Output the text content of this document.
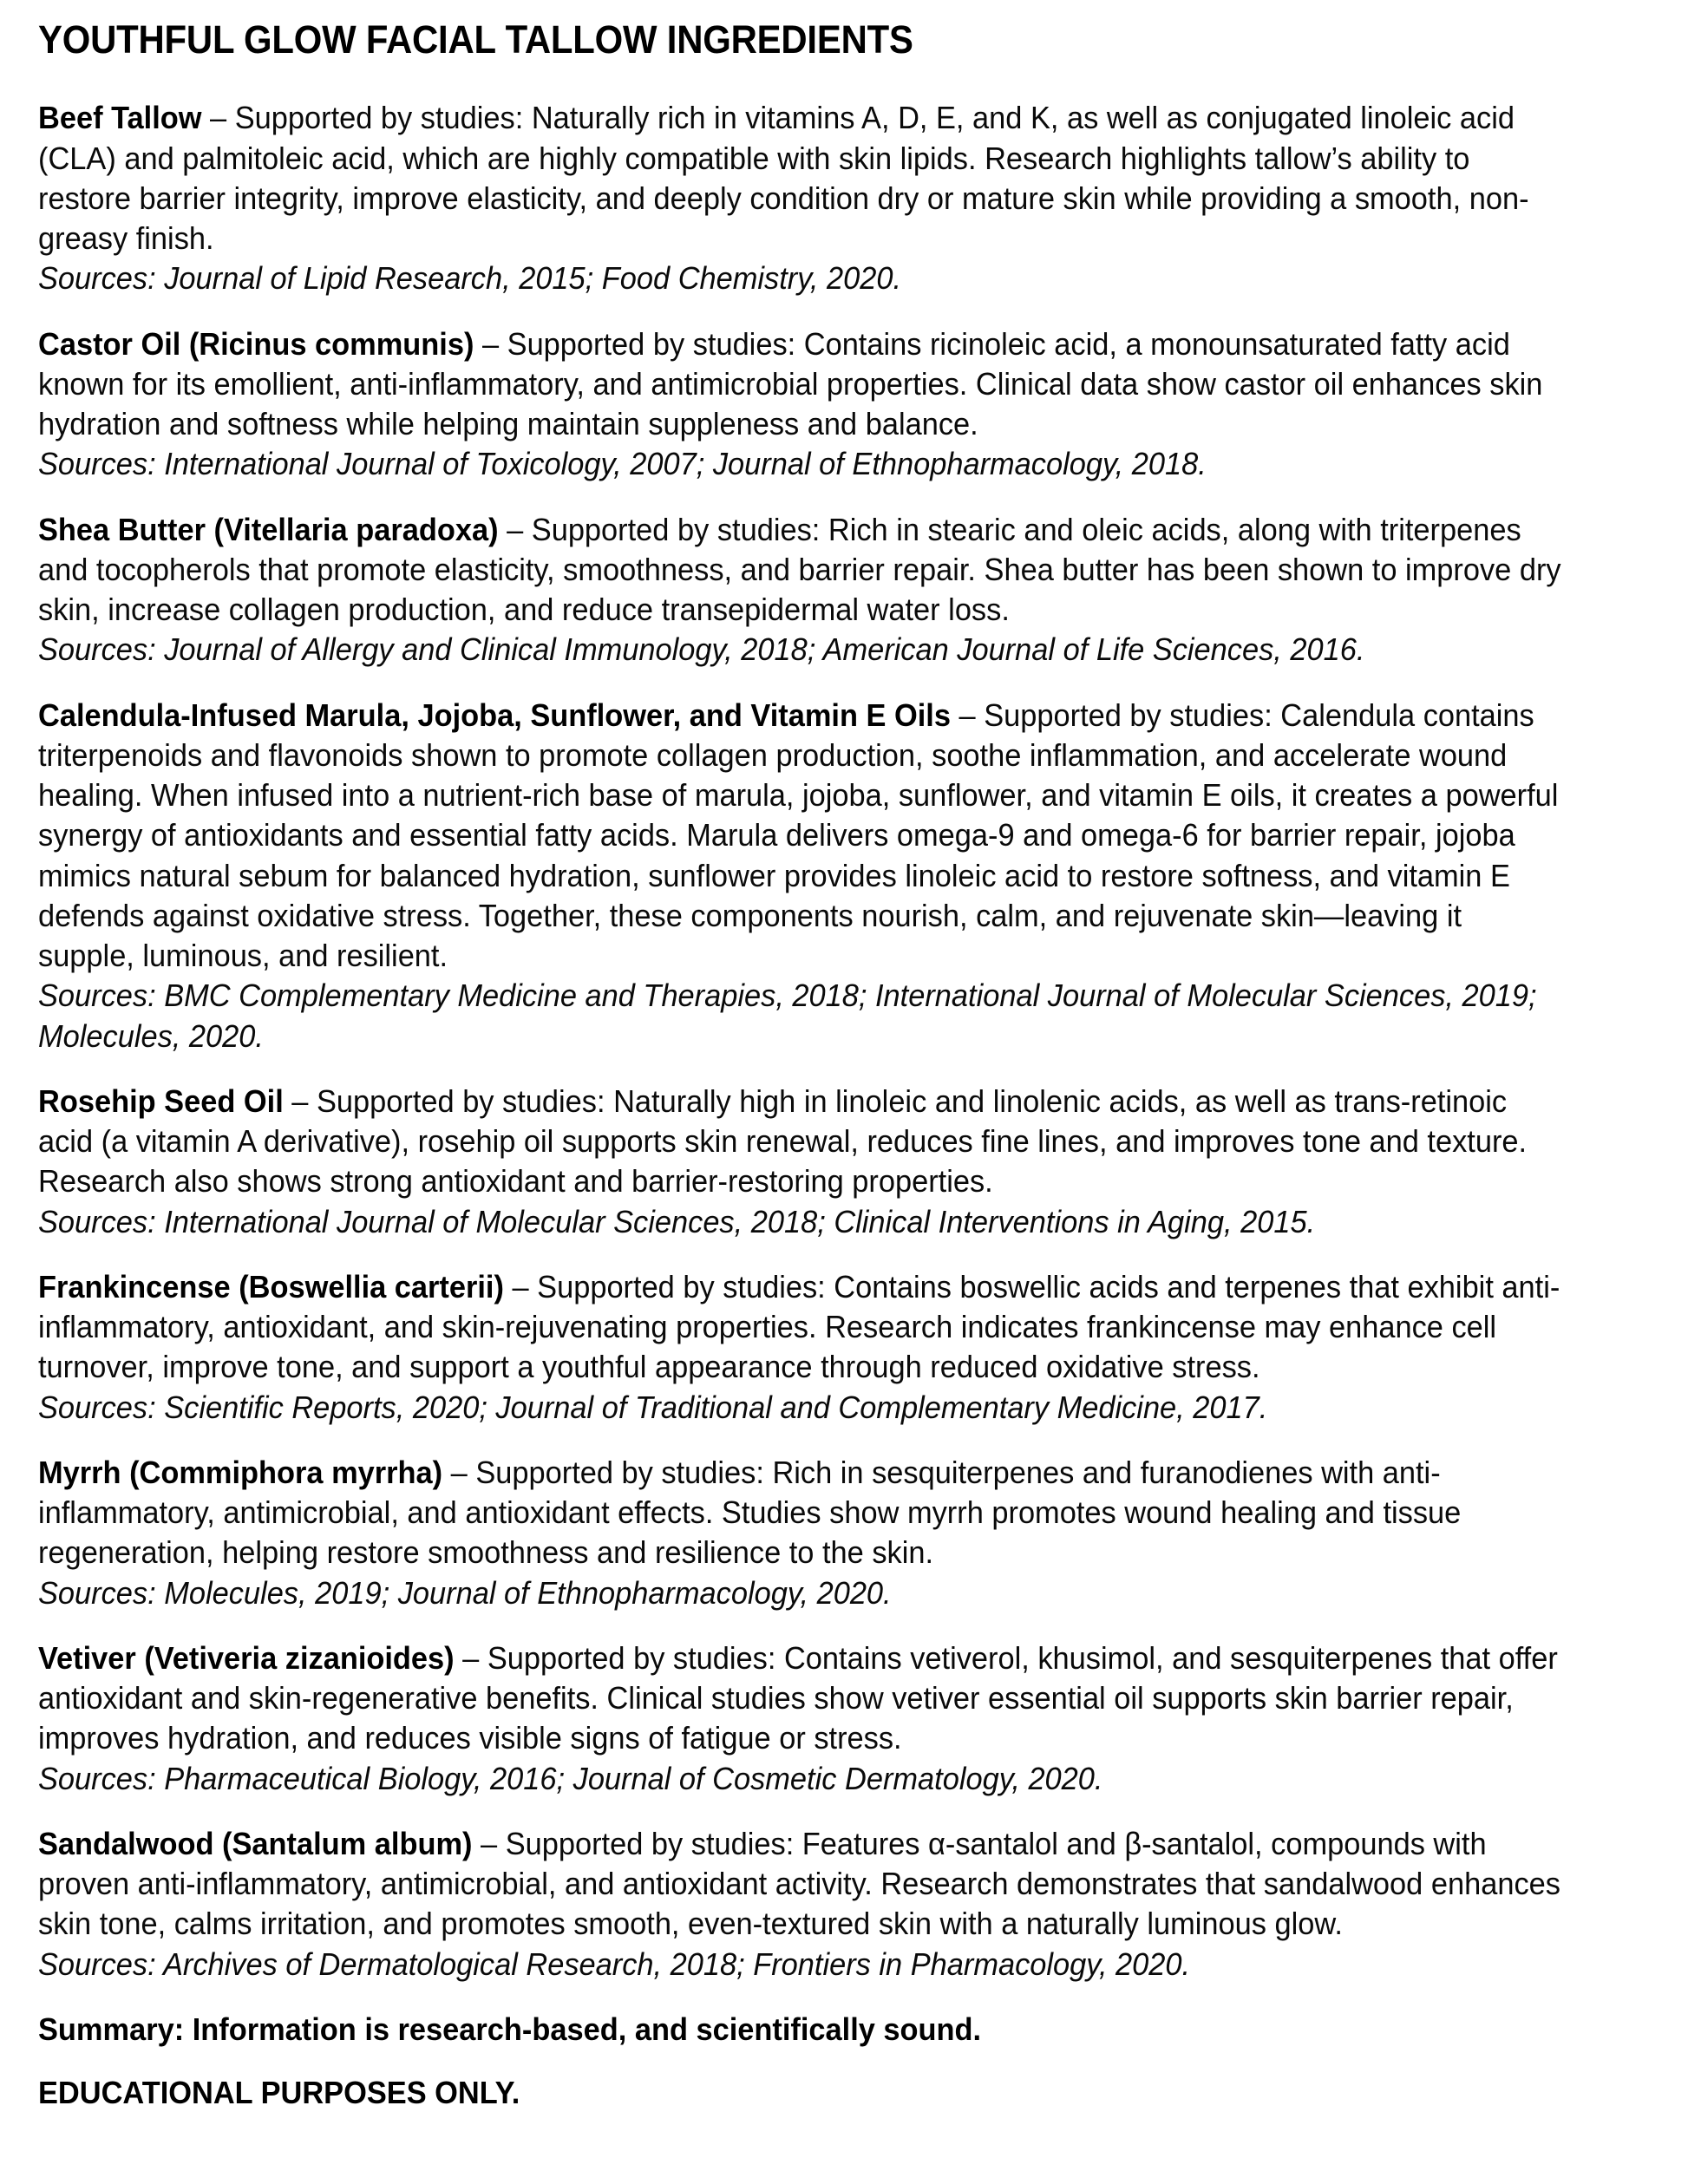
YOUTHFUL GLOW FACIAL TALLOW INGREDIENTS

Beef Tallow – Supported by studies: Naturally rich in vitamins A, D, E, and K, as well as conjugated linoleic acid (CLA) and palmitoleic acid, which are highly compatible with skin lipids. Research highlights tallow’s ability to restore barrier integrity, improve elasticity, and deeply condition dry or mature skin while providing a smooth, non-greasy finish.
Sources: Journal of Lipid Research, 2015; Food Chemistry, 2020.

Castor Oil (Ricinus communis) – Supported by studies: Contains ricinoleic acid, a monounsaturated fatty acid known for its emollient, anti-inflammatory, and antimicrobial properties. Clinical data show castor oil enhances skin hydration and softness while helping maintain suppleness and balance.
Sources: International Journal of Toxicology, 2007; Journal of Ethnopharmacology, 2018.

Shea Butter (Vitellaria paradoxa) – Supported by studies: Rich in stearic and oleic acids, along with triterpenes and tocopherols that promote elasticity, smoothness, and barrier repair. Shea butter has been shown to improve dry skin, increase collagen production, and reduce transepidermal water loss.
Sources: Journal of Allergy and Clinical Immunology, 2018; American Journal of Life Sciences, 2016.

Calendula-Infused Marula, Jojoba, Sunflower, and Vitamin E Oils – Supported by studies: Calendula contains triterpenoids and flavonoids shown to promote collagen production, soothe inflammation, and accelerate wound healing. When infused into a nutrient-rich base of marula, jojoba, sunflower, and vitamin E oils, it creates a powerful synergy of antioxidants and essential fatty acids. Marula delivers omega-9 and omega-6 for barrier repair, jojoba mimics natural sebum for balanced hydration, sunflower provides linoleic acid to restore softness, and vitamin E defends against oxidative stress. Together, these components nourish, calm, and rejuvenate skin—leaving it supple, luminous, and resilient.
Sources: BMC Complementary Medicine and Therapies, 2018; International Journal of Molecular Sciences, 2019; Molecules, 2020.

Rosehip Seed Oil – Supported by studies: Naturally high in linoleic and linolenic acids, as well as trans-retinoic acid (a vitamin A derivative), rosehip oil supports skin renewal, reduces fine lines, and improves tone and texture. Research also shows strong antioxidant and barrier-restoring properties.
Sources: International Journal of Molecular Sciences, 2018; Clinical Interventions in Aging, 2015.

Frankincense (Boswellia carterii) – Supported by studies: Contains boswellic acids and terpenes that exhibit anti-inflammatory, antioxidant, and skin-rejuvenating properties. Research indicates frankincense may enhance cell turnover, improve tone, and support a youthful appearance through reduced oxidative stress.
Sources: Scientific Reports, 2020; Journal of Traditional and Complementary Medicine, 2017.

Myrrh (Commiphora myrrha) – Supported by studies: Rich in sesquiterpenes and furanodienes with anti-inflammatory, antimicrobial, and antioxidant effects. Studies show myrrh promotes wound healing and tissue regeneration, helping restore smoothness and resilience to the skin.
Sources: Molecules, 2019; Journal of Ethnopharmacology, 2020.

Vetiver (Vetiveria zizanioides) – Supported by studies: Contains vetiverol, khusimol, and sesquiterpenes that offer antioxidant and skin-regenerative benefits. Clinical studies show vetiver essential oil supports skin barrier repair, improves hydration, and reduces visible signs of fatigue or stress.
Sources: Pharmaceutical Biology, 2016; Journal of Cosmetic Dermatology, 2020.

Sandalwood (Santalum album) – Supported by studies: Features α-santalol and β-santalol, compounds with proven anti-inflammatory, antimicrobial, and antioxidant activity. Research demonstrates that sandalwood enhances skin tone, calms irritation, and promotes smooth, even-textured skin with a naturally luminous glow.
Sources: Archives of Dermatological Research, 2018; Frontiers in Pharmacology, 2020.

Summary: Information is research-based, and scientifically sound.

EDUCATIONAL PURPOSES ONLY.
